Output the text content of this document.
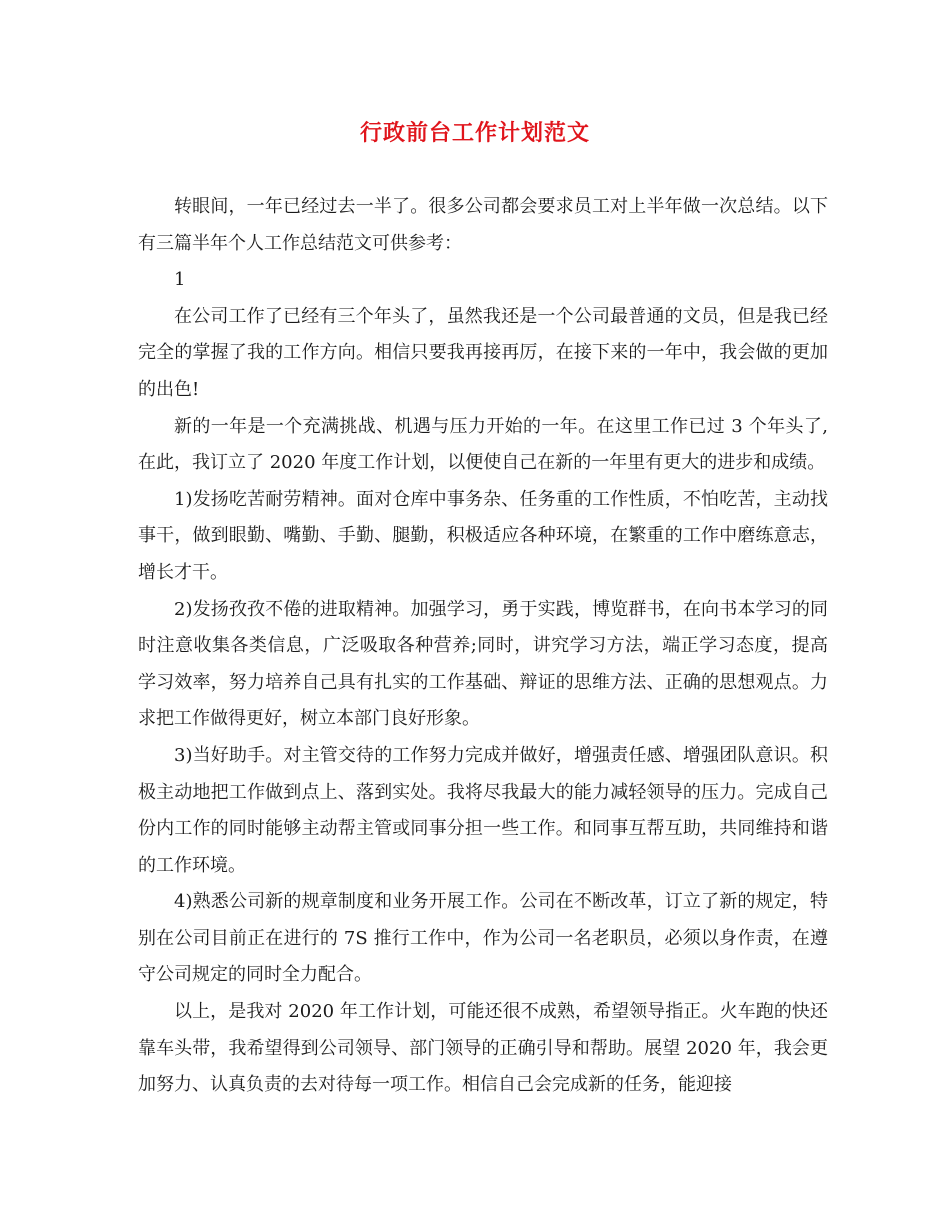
行政前台工作计划范文

转眼间，一年已经过去一半了。很多公司都会要求员工对上半年做一次总结。以下有三篇半年个人工作总结范文可供参考：

1

在公司工作了已经有三个年头了，虽然我还是一个公司最普通的文员，但是我已经完全的掌握了我的工作方向。相信只要我再接再厉，在接下来的一年中，我会做的更加的出色!

新的一年是一个充满挑战、机遇与压力开始的一年。在这里工作已过 3 个年头了,在此，我订立了 2020 年度工作计划，以便使自己在新的一年里有更大的进步和成绩。

1)发扬吃苦耐劳精神。面对仓库中事务杂、任务重的工作性质，不怕吃苦，主动找事干，做到眼勤、嘴勤、手勤、腿勤，积极适应各种环境，在繁重的工作中磨练意志，增长才干。

2)发扬孜孜不倦的进取精神。加强学习，勇于实践，博览群书，在向书本学习的同时注意收集各类信息，广泛吸取各种营养;同时，讲究学习方法，端正学习态度，提高学习效率，努力培养自己具有扎实的工作基础、辩证的思维方法、正确的思想观点。力求把工作做得更好，树立本部门良好形象。

3)当好助手。对主管交待的工作努力完成并做好，增强责任感、增强团队意识。积极主动地把工作做到点上、落到实处。我将尽我最大的能力减轻领导的压力。完成自己份内工作的同时能够主动帮主管或同事分担一些工作。和同事互帮互助，共同维持和谐的工作环境。

4)熟悉公司新的规章制度和业务开展工作。公司在不断改革，订立了新的规定，特别在公司目前正在进行的 7S 推行工作中，作为公司一名老职员，必须以身作责，在遵守公司规定的同时全力配合。

以上，是我对 2020 年工作计划，可能还很不成熟，希望领导指正。火车跑的快还靠车头带，我希望得到公司领导、部门领导的正确引导和帮助。展望 2020 年，我会更加努力、认真负责的去对待每一项工作。相信自己会完成新的任务，能迎接
